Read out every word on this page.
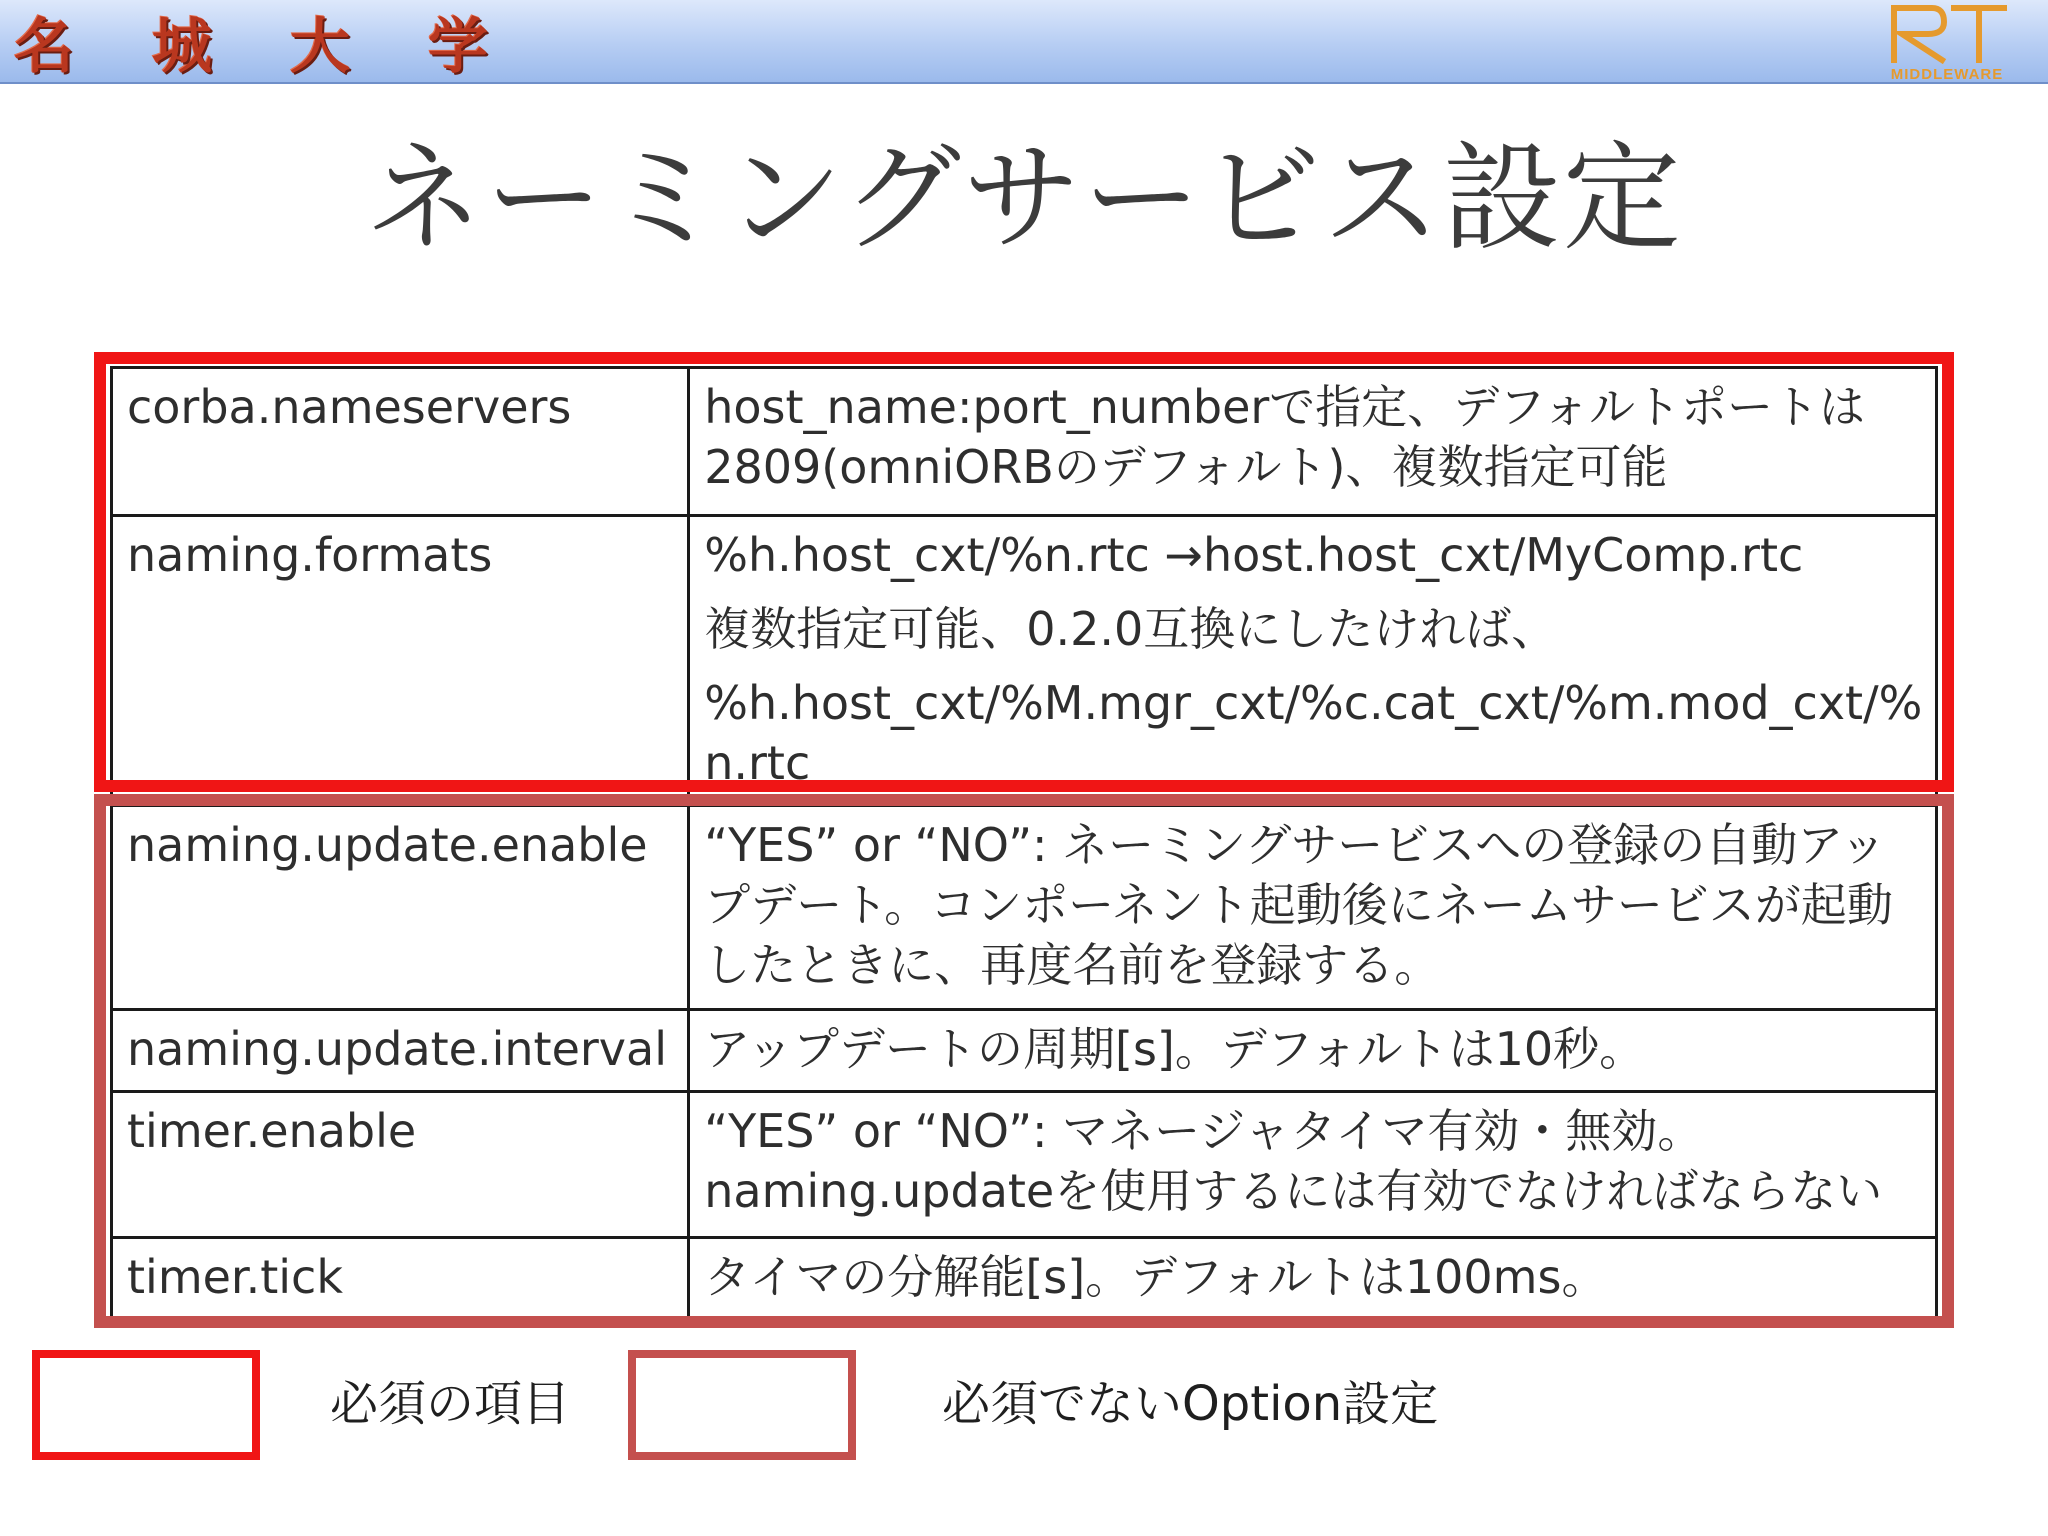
名	城	大	学	MIDDLEWARE
ネーミングサービス設定
corba.nameservers	host_name:port_numberで指定、デフォルトポートは
2809(omniORBのデフォルト)、複数指定可能

naming.formats	%h.host_cxt/%n.rtc →host.host_cxt/MyComp.rtc
複数指定可能、0.2.0互換にしたければ、
%h.host_cxt/%M.mgr_cxt/%c.cat_cxt/%m.mod_cxt/%
n.rtc

naming.update.enable	“YES” or “NO”: ネーミングサービスへの登録の自動アッ
プデート。コンポーネント起動後にネームサービスが起動
したときに、再度名前を登録する。

naming.update.interval	アップデートの周期[s]。デフォルトは10秒。

timer.enable	“YES” or “NO”: マネージャタイマ有効・無効。
naming.updateを使用するには有効でなければならない

timer.tick	タイマの分解能[s]。デフォルトは100ms。
必須の項目	必須でないOption設定
